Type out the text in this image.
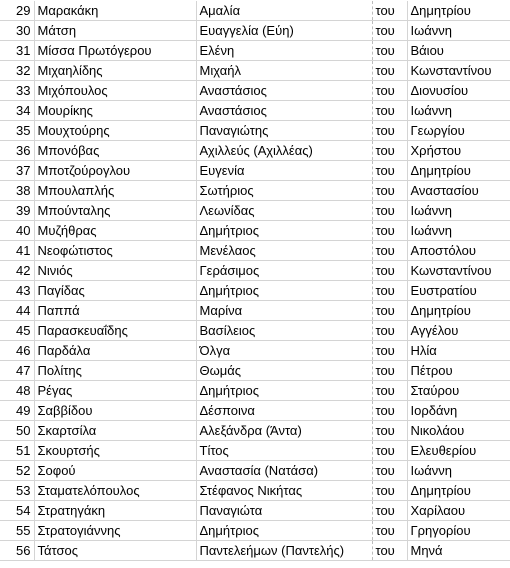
29	Μαρακάκη	Αμαλία	του	Δημητρίου
30	Μάτση	Ευαγγελία (Εύη)	του	Ιωάννη
31	Μίσσα Πρωτόγερου	Ελένη	του	Βάιου
32	Μιχαηλίδης	Μιχαήλ	του	Κωνσταντίνου
33	Μιχόπουλος	Αναστάσιος	του	Διονυσίου
34	Μουρίκης	Αναστάσιος	του	Ιωάννη
35	Μουχτούρης	Παναγιώτης	του	Γεωργίου
36	Μπονόβας	Αχιλλεύς (Αχιλλέας)	του	Χρήστου
37	Μποτζούρογλου	Ευγενία	του	Δημητρίου
38	Μπουλαπλής	Σωτήριος	του	Αναστασίου
39	Μπούνταλης	Λεωνίδας	του	Ιωάννη
40	Μυζήθρας	Δημήτριος	του	Ιωάννη
41	Νεοφώτιστος	Μενέλαος	του	Αποστόλου
42	Νινιός	Γεράσιμος	του	Κωνσταντίνου
43	Παγίδας	Δημήτριος	του	Ευστρατίου
44	Παππά	Μαρίνα	του	Δημητρίου
45	Παρασκευαΐδης	Βασίλειος	του	Αγγέλου
46	Παρδάλα	Όλγα	του	Ηλία
47	Πολίτης	Θωμάς	του	Πέτρου
48	Ρέγας	Δημήτριος	του	Σταύρου
49	Σαββίδου	Δέσποινα	του	Ιορδάνη
50	Σκαρτσίλα	Αλεξάνδρα (Άντα)	του	Νικολάου
51	Σκουρτσής	Τίτος	του	Ελευθερίου
52	Σοφού	Αναστασία (Νατάσα)	του	Ιωάννη
53	Σταματελόπουλος	Στέφανος Νικήτας	του	Δημητρίου
54	Στρατηγάκη	Παναγιώτα	του	Χαρίλαου
55	Στρατογιάννης	Δημήτριος	του	Γρηγορίου
56	Τάτσος	Παντελεήμων (Παντελής)	του	Μηνά
